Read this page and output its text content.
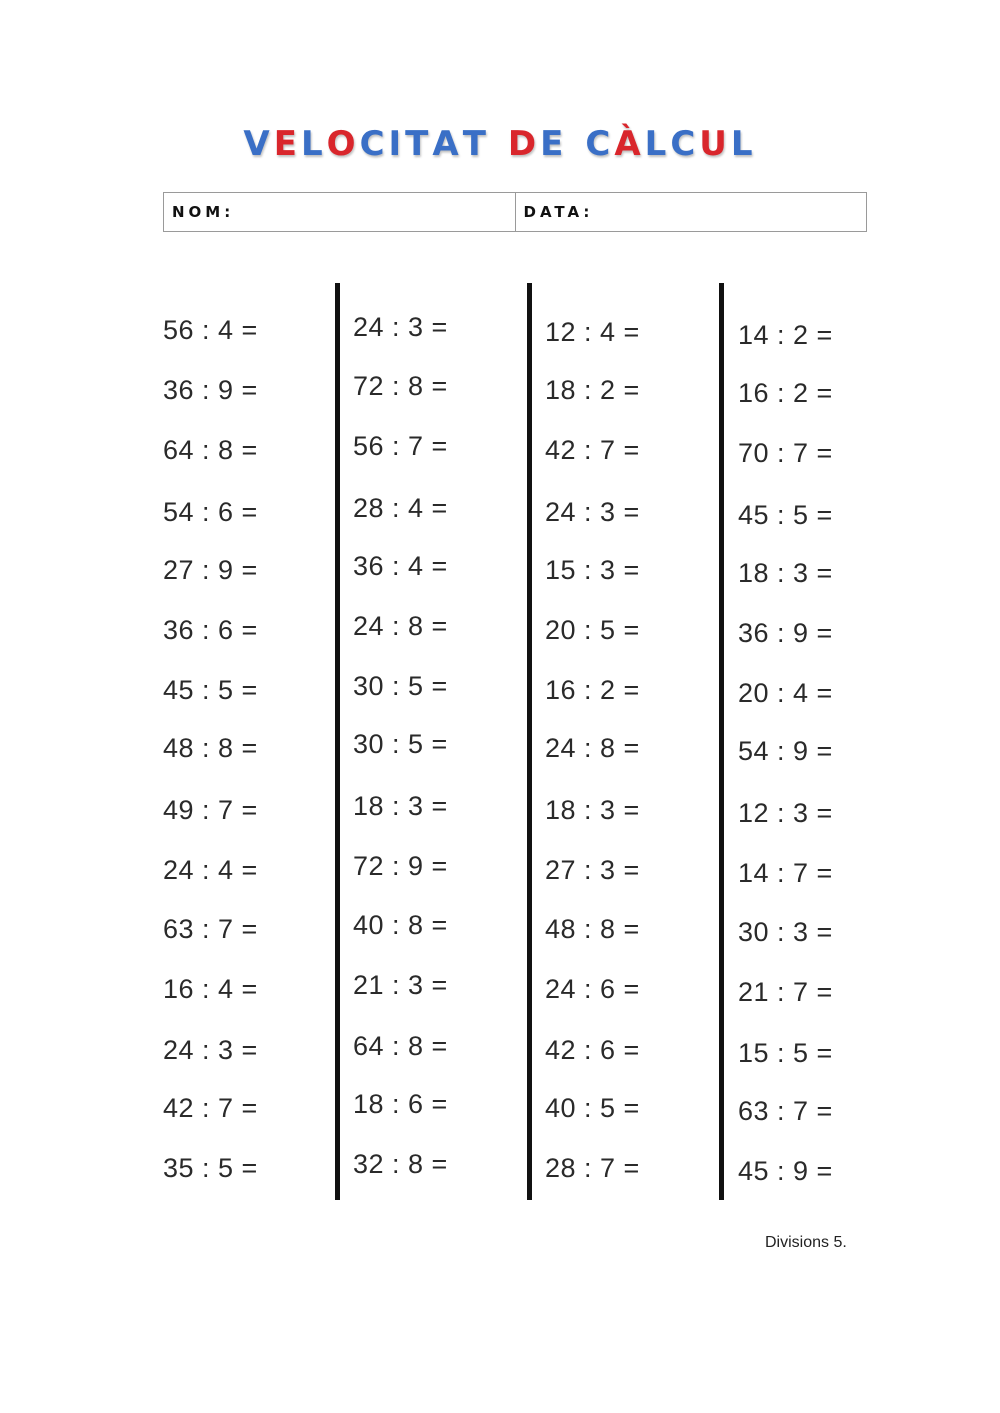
VELOCITAT DE CÀLCUL
NOM:	DATA:
56 : 4 =
36 : 9 =
64 : 8 =
54 : 6 =
27 : 9 =
36 : 6 =
45 : 5 =
48 : 8 =
49 : 7 =
24 : 4 =
63 : 7 =
16 : 4 =
24 : 3 =
42 : 7 =
35 : 5 =
24 : 3 =
72 : 8 =
56 : 7 =
28 : 4 =
36 : 4 =
24 : 8 =
30 : 5 =
30 : 5 =
18 : 3 =
72 : 9 =
40 : 8 =
21 : 3 =
64 : 8 =
18 : 6 =
32 : 8 =
12 : 4 =
18 : 2 =
42 : 7 =
24 : 3 =
15 : 3 =
20 : 5 =
16 : 2 =
24 : 8 =
18 : 3 =
27 : 3 =
48 : 8 =
24 : 6 =
42 : 6 =
40 : 5 =
28 : 7 =
14 : 2 =
16 : 2 =
70 : 7 =
45 : 5 =
18 : 3 =
36 : 9 =
20 : 4 =
54 : 9 =
12 : 3 =
14 : 7 =
30 : 3 =
21 : 7 =
15 : 5 =
63 : 7 =
45 : 9 =
Divisions 5.
